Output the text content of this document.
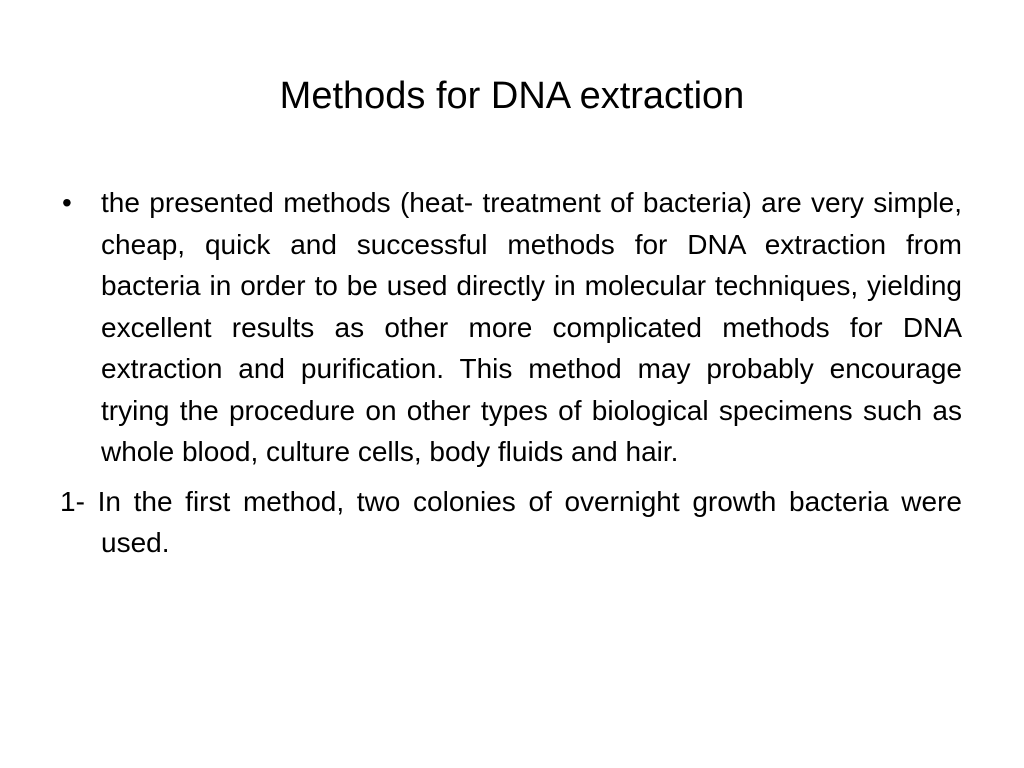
Methods for DNA extraction

•	the presented methods (heat- treatment of bacteria) are very simple, cheap, quick and successful methods for DNA extraction from bacteria in order to be used directly in molecular techniques, yielding excellent results as other more complicated methods for DNA extraction and purification. This method may probably encourage trying the procedure on other types of biological specimens such as whole blood, culture cells, body fluids and hair.

1- In the first method, two colonies of overnight growth bacteria were used.
